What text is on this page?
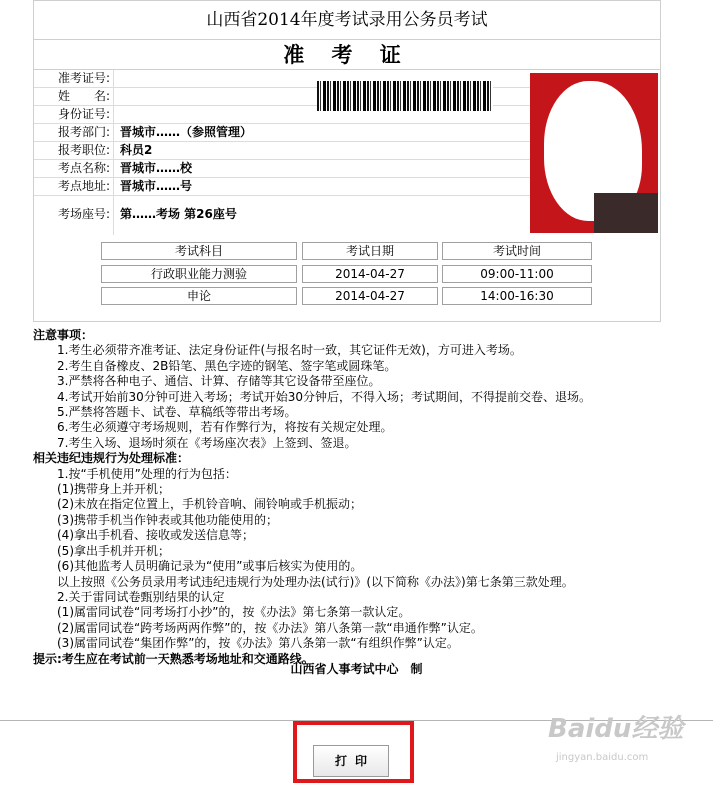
山西省2014年度考试录用公务员考试
准 考 证
准考证号:
姓　　名:
身份证号:
报考部门: 晋城市……（参照管理）
报考职位: 科员2
考点名称: 晋城市……校
考点地址: 晋城市……号
考场座号: 第……考场 第26座号
考试科目	考试日期	考试时间
行政职业能力测验	2014-04-27	09:00-11:00
申论	2014-04-27	14:00-16:30
注意事项：
1.考生必须带齐准考证、法定身份证件(与报名时一致，其它证件无效)，方可进入考场。
2.考生自备橡皮、2B铅笔、黑色字迹的钢笔、签字笔或圆珠笔。
3.严禁将各种电子、通信、计算、存储等其它设备带至座位。
4.考试开始前30分钟可进入考场；考试开始30分钟后，不得入场；考试期间，不得提前交卷、退场。
5.严禁将答题卡、试卷、草稿纸等带出考场。
6.考生必须遵守考场规则，若有作弊行为，将按有关规定处理。
7.考生入场、退场时须在《考场座次表》上签到、签退。
相关违纪违规行为处理标准：
1.按“手机使用”处理的行为包括：
(1)携带身上并开机；
(2)未放在指定位置上，手机铃音响、闹铃响或手机振动；
(3)携带手机当作钟表或其他功能使用的；
(4)拿出手机看、接收或发送信息等；
(5)拿出手机并开机；
(6)其他监考人员明确记录为“使用”或事后核实为使用的。
以上按照《公务员录用考试违纪违规行为处理办法(试行)》(以下简称《办法》)第七条第三款处理。
2.关于雷同试卷甄别结果的认定
(1)属雷同试卷“同考场打小抄”的，按《办法》第七条第一款认定。
(2)属雷同试卷“跨考场两两作弊”的，按《办法》第八条第一款“串通作弊”认定。
(3)属雷同试卷“集团作弊”的，按《办法》第八条第一款“有组织作弊”认定。
提示:考生应在考试前一天熟悉考场地址和交通路线。
山西省人事考试中心　制
打印
Baidu经验
jingyan.baidu.com
